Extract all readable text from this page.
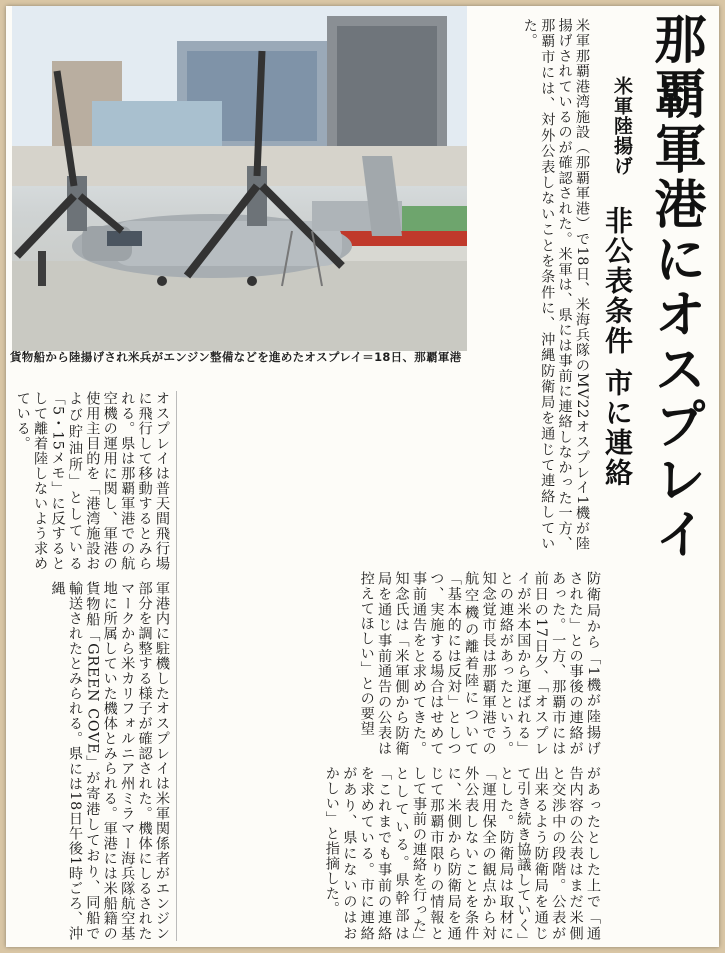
貨物船から陸揚げされ米兵がエンジン整備などを進めたオスプレイ＝18日、那覇軍港	那覇軍港にオスプレイ
米軍陸揚げ
非公表条件 市に連絡
米軍那覇港湾施設（那覇軍港）で18日、米海兵隊のMV22オスプレイ1機が陸揚げされているのが確認された。米軍は、県には事前に連絡しなかった一方、那覇市には、対外公表しないことを条件に、沖縄防衛局を通じて連絡していた。
オスプレイは普天間飛行場に飛行して移動するとみられる。県は那覇軍港での航空機の運用に関し、軍港の使用主目的を「港湾施設および貯油所」としている「5・15メモ」に反するとして離着陸しないよう求めている。
軍港内に駐機したオスプレイは米軍関係者がエンジン部分を調整する様子が確認された。機体にしるされたマークから米カリフォルニア州ミラマー海兵隊航空基地に所属していた機体とみられる。軍港には米船籍の貨物船「GREEN COVE」が寄港しており、同船で輸送されたとみられる。県には18日午後1時ごろ、沖縄	防衛局から「1機が陸揚げされた」との事後の連絡があった。一方、那覇市には前日の17日夕、「オスプレイが米本国から運ばれる」との連絡があったという。知念覚市長は那覇軍港での航空機の離着陸について「基本的には反対」としつつ、実施する場合はせめて事前通告をと求めてきた。知念氏は「米軍側から防衛局を通じ事前通告の公表は控えてほしい」との要望
があったとした上で「通告内容の公表はまだ米側と交渉中の段階。公表が出来るよう防衛局を通じて引き続き協議していく」とした。防衛局は取材に「運用保全の観点から対外公表しないことを条件に、米側から防衛局を通じて那覇市限りの情報として事前の連絡を行った」としている。県幹部は「これまでも事前の連絡を求めている。市に連絡があり、県にないのはおかしい」と指摘した。
